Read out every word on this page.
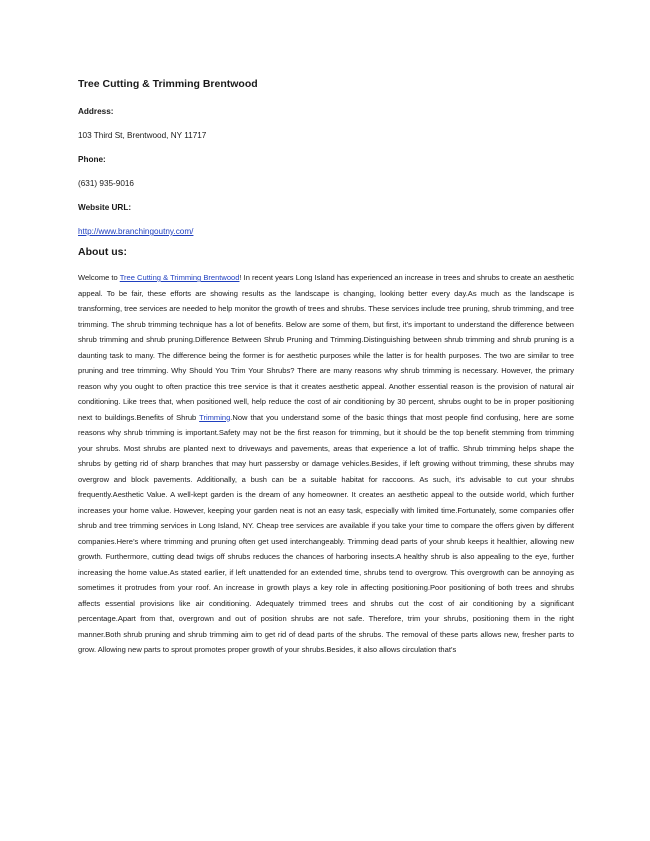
Tree Cutting & Trimming Brentwood

Address:

103 Third St, Brentwood, NY 11717

Phone:

(631) 935-9016

Website URL:

http://www.branchingoutny.com/

About us:

Welcome to Tree Cutting & Trimming Brentwood! In recent years Long Island has experienced an increase in trees and shrubs to create an aesthetic appeal. To be fair, these efforts are showing results as the landscape is changing, looking better every day.As much as the landscape is transforming, tree services are needed to help monitor the growth of trees and shrubs. These services include tree pruning, shrub trimming, and tree trimming. The shrub trimming technique has a lot of benefits. Below are some of them, but first, it’s important to understand the difference between shrub trimming and shrub pruning.Difference Between Shrub Pruning and Trimming.Distinguishing between shrub trimming and shrub pruning is a daunting task to many. The difference being the former is for aesthetic purposes while the latter is for health purposes. The two are similar to tree pruning and tree trimming. Why Should You Trim Your Shrubs? There are many reasons why shrub trimming is necessary. However, the primary reason why you ought to often practice this tree service is that it creates aesthetic appeal. Another essential reason is the provision of natural air conditioning. Like trees that, when positioned well, help reduce the cost of air conditioning by 30 percent, shrubs ought to be in proper positioning next to buildings.Benefits of Shrub Trimming.Now that you understand some of the basic things that most people find confusing, here are some reasons why shrub trimming is important.Safety may not be the first reason for trimming, but it should be the top benefit stemming from trimming your shrubs. Most shrubs are planted next to driveways and pavements, areas that experience a lot of traffic. Shrub trimming helps shape the shrubs by getting rid of sharp branches that may hurt passersby or damage vehicles.Besides, if left growing without trimming, these shrubs may overgrow and block pavements. Additionally, a bush can be a suitable habitat for raccoons. As such, it’s advisable to cut your shrubs frequently.Aesthetic Value. A well-kept garden is the dream of any homeowner. It creates an aesthetic appeal to the outside world, which further increases your home value. However, keeping your garden neat is not an easy task, especially with limited time.Fortunately, some companies offer shrub and tree trimming services in Long Island, NY. Cheap tree services are available if you take your time to compare the offers given by different companies.Here’s where trimming and pruning often get used interchangeably. Trimming dead parts of your shrub keeps it healthier, allowing new growth. Furthermore, cutting dead twigs off shrubs reduces the chances of harboring insects.A healthy shrub is also appealing to the eye, further increasing the home value.As stated earlier, if left unattended for an extended time, shrubs tend to overgrow. This overgrowth can be annoying as sometimes it protrudes from your roof. An increase in growth plays a key role in affecting positioning.Poor positioning of both trees and shrubs affects essential provisions like air conditioning. Adequately trimmed trees and shrubs cut the cost of air conditioning by a significant percentage.Apart from that, overgrown and out of position shrubs are not safe. Therefore, trim your shrubs, positioning them in the right manner.Both shrub pruning and shrub trimming aim to get rid of dead parts of the shrubs. The removal of these parts allows new, fresher parts to grow. Allowing new parts to sprout promotes proper growth of your shrubs.Besides, it also allows circulation that’s
